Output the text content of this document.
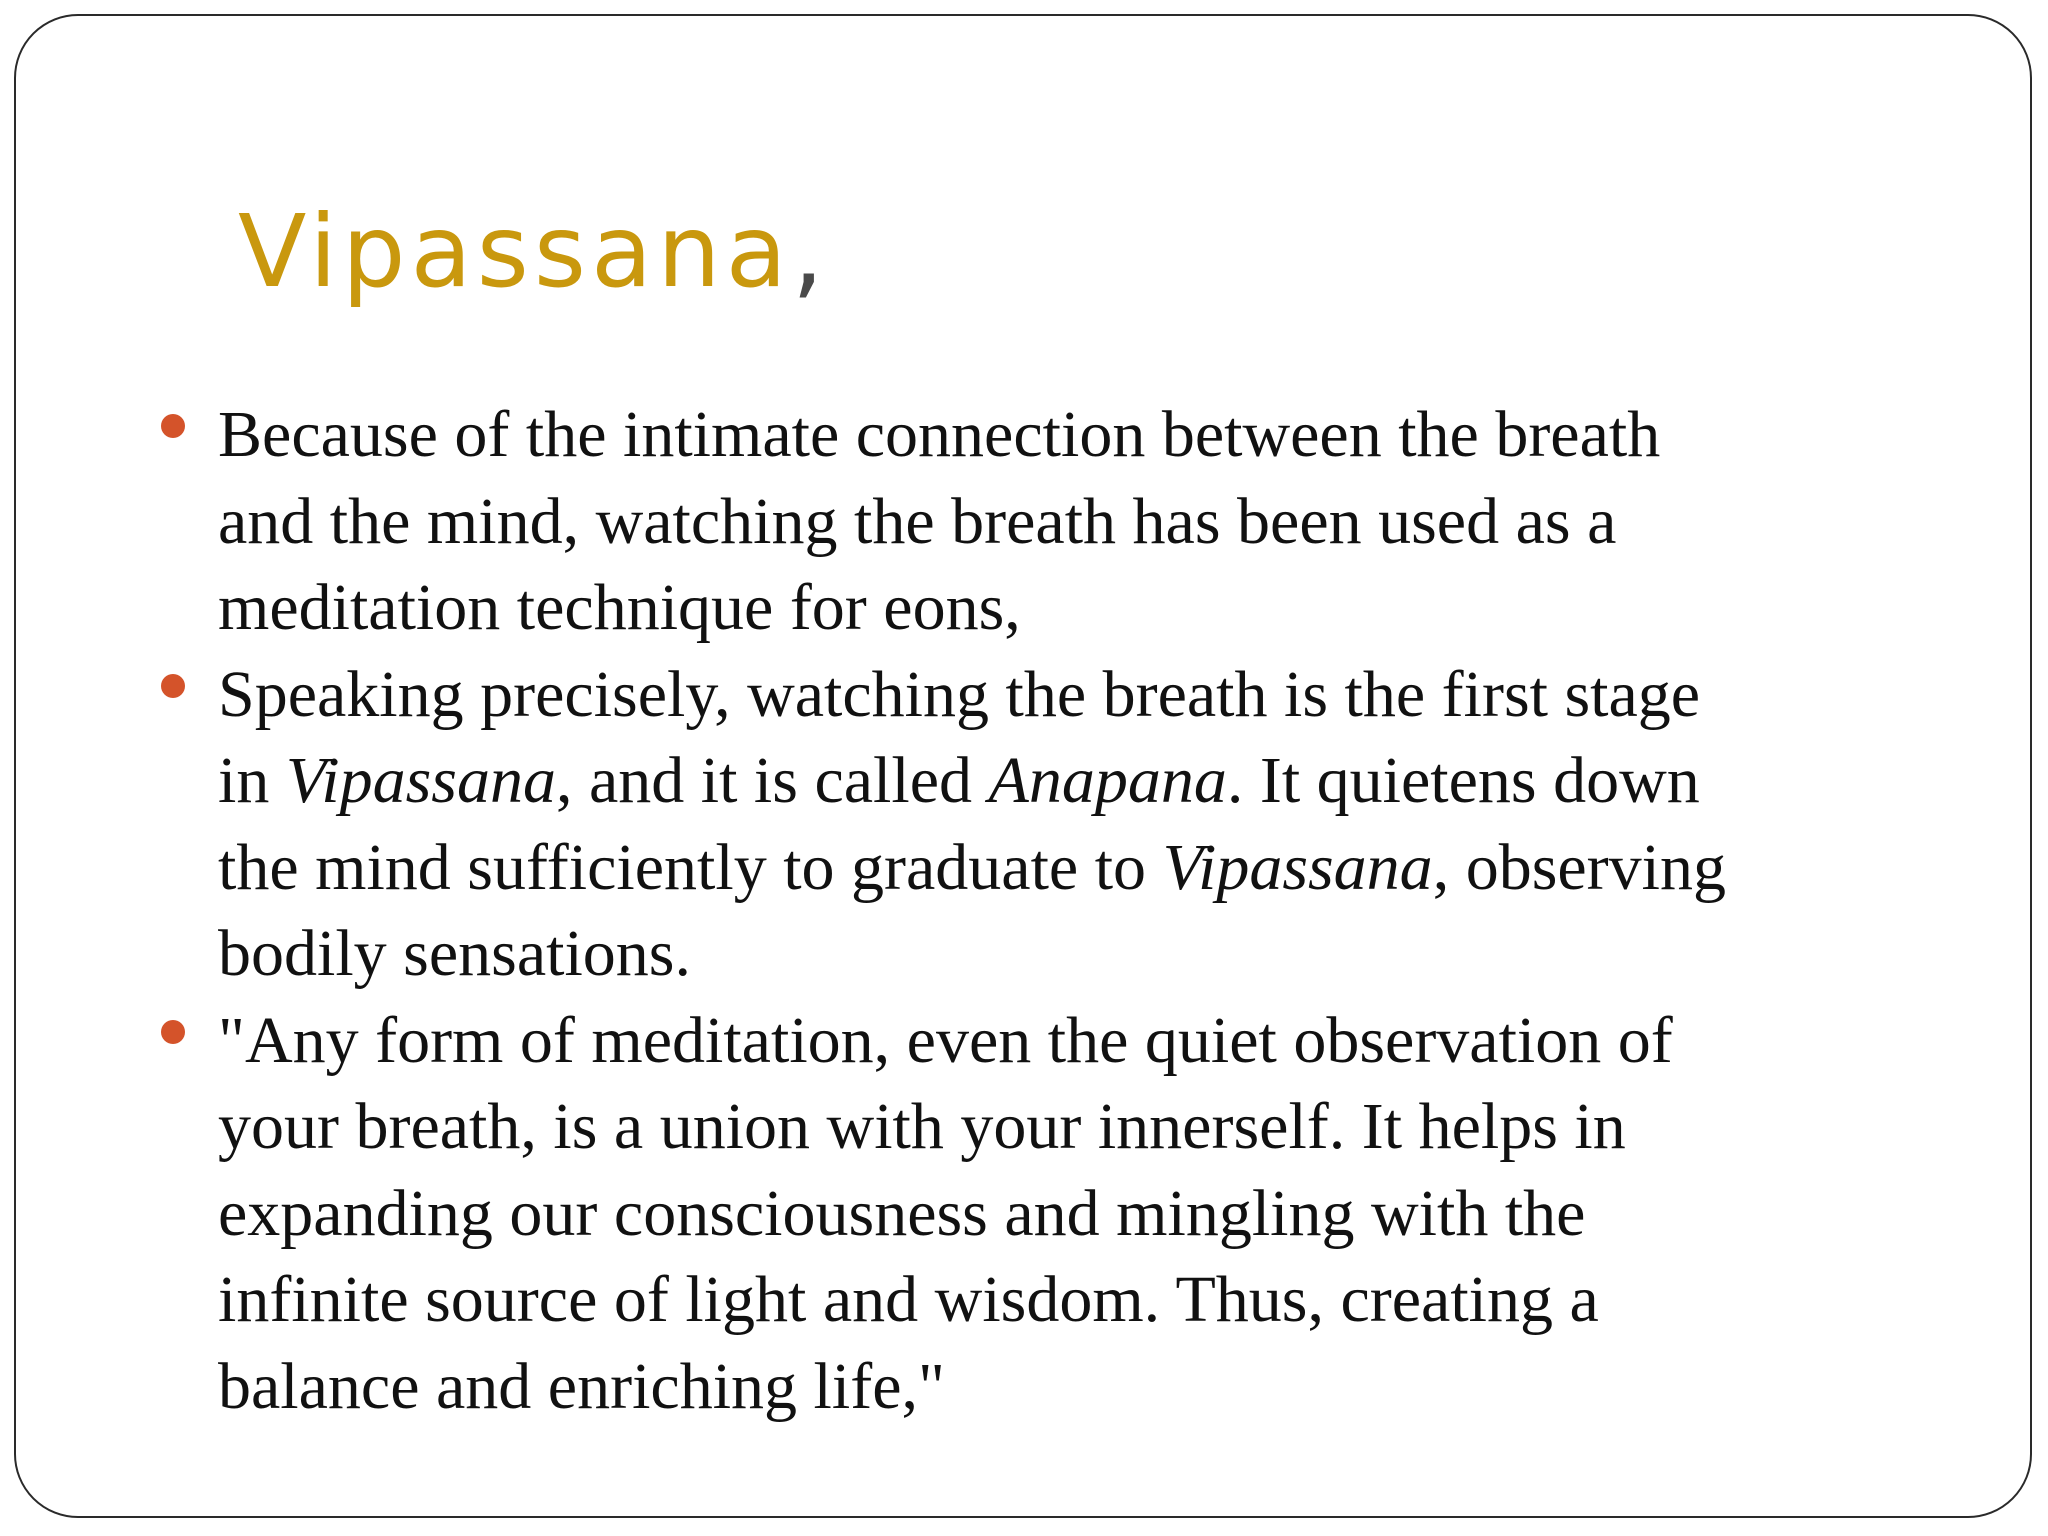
Vipassana,
Because of the intimate connection between the breath
and the mind, watching the breath has been used as a
meditation technique for eons,
Speaking precisely, watching the breath is the first stage
in Vipassana, and it is called Anapana. It quietens down
the mind sufficiently to graduate to Vipassana, observing
bodily sensations.
"Any form of meditation, even the quiet observation of
your breath, is a union with your innerself. It helps in
expanding our consciousness and mingling with the
infinite source of light and wisdom. Thus, creating a
balance and enriching life,"
